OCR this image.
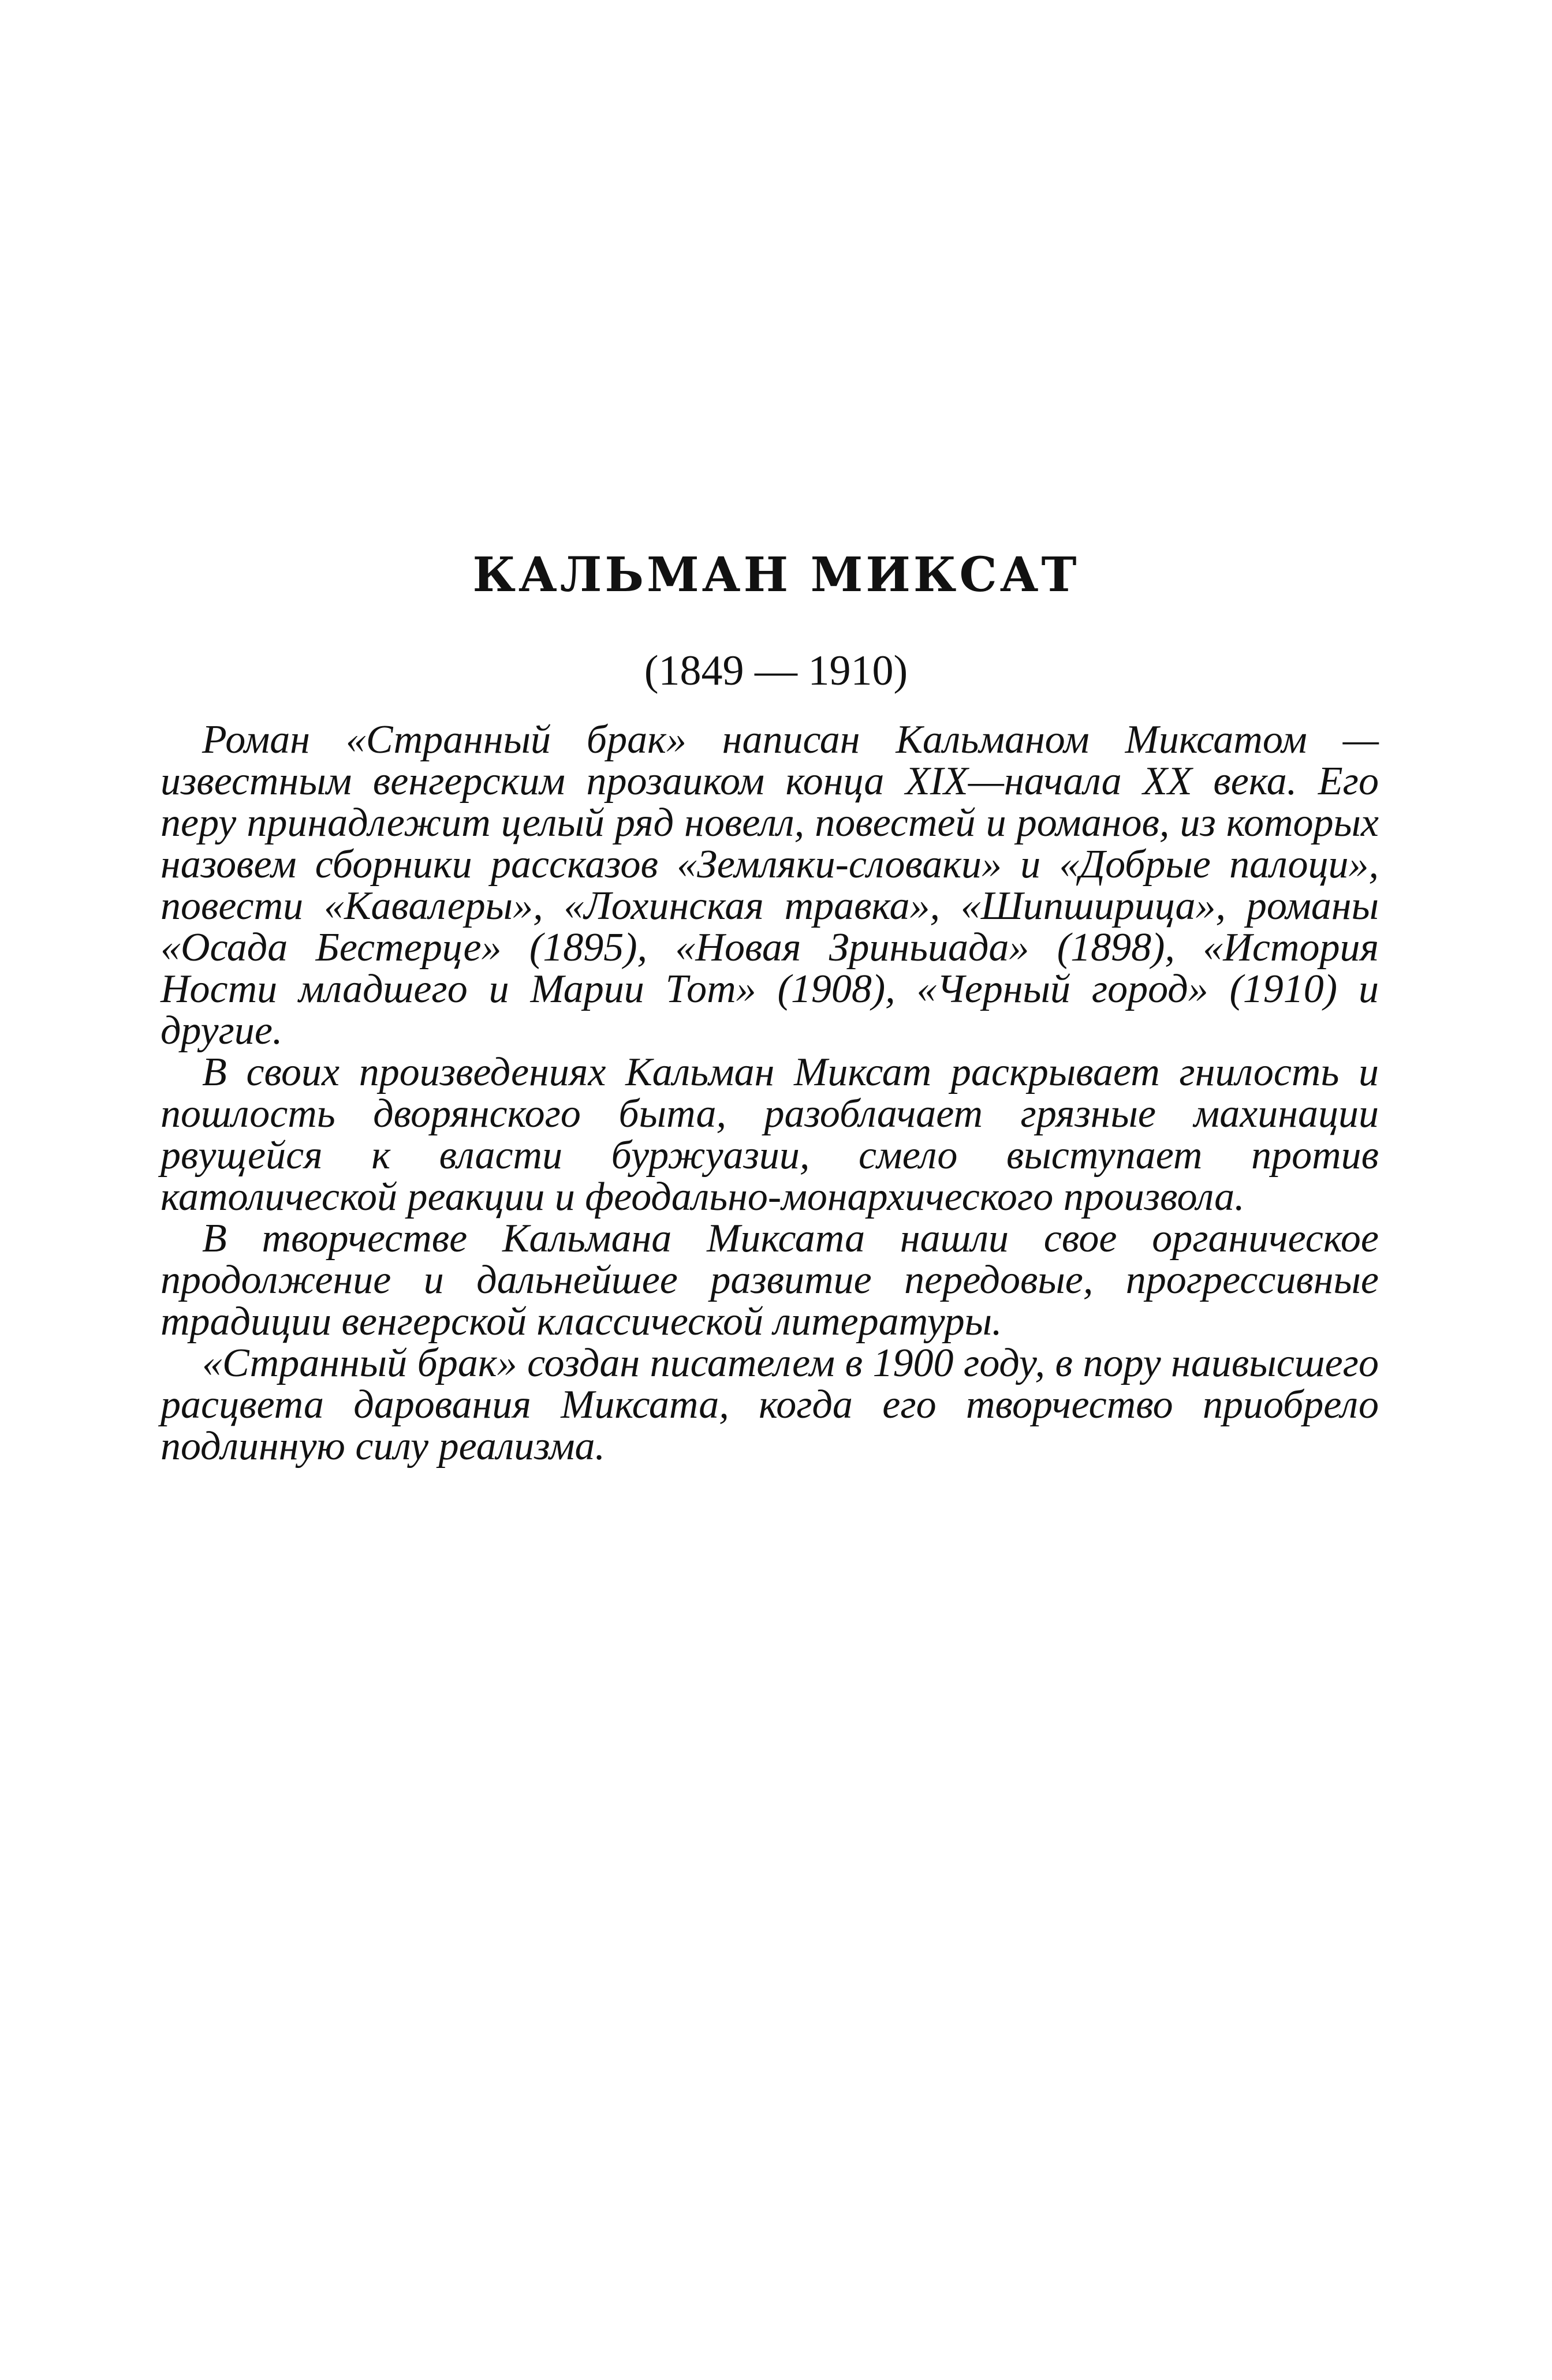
КАЛЬМАН МИКСАТ
(1849 — 1910)

Роман «Странный брак» написан Кальманом Миксатом — известным венгерским прозаиком конца XIX—начала XX века. Его перу принадлежит целый ряд новелл, повестей и романов, из которых назовем сборники рассказов «Земляки-словаки» и «Добрые палоци», повести «Кавалеры», «Лохинская травка», «Шипширица», романы «Осада Бестерце» (1895), «Новая Зриньиада» (1898), «История Ности младшего и Марии Тот» (1908), «Черный город» (1910) и другие.

В своих произведениях Кальман Миксат раскрывает гнилость и пошлость дворянского быта, разоблачает грязные махинации рвущейся к власти буржуазии, смело выступает против католической реакции и феодально-монархического произвола.

В творчестве Кальмана Миксата нашли свое органическое продолжение и дальнейшее развитие передовые, прогрессивные традиции венгерской классической литературы.

«Странный брак» создан писателем в 1900 году, в пору наивысшего расцвета дарования Миксата, когда его творчество приобрело подлинную силу реализма.
